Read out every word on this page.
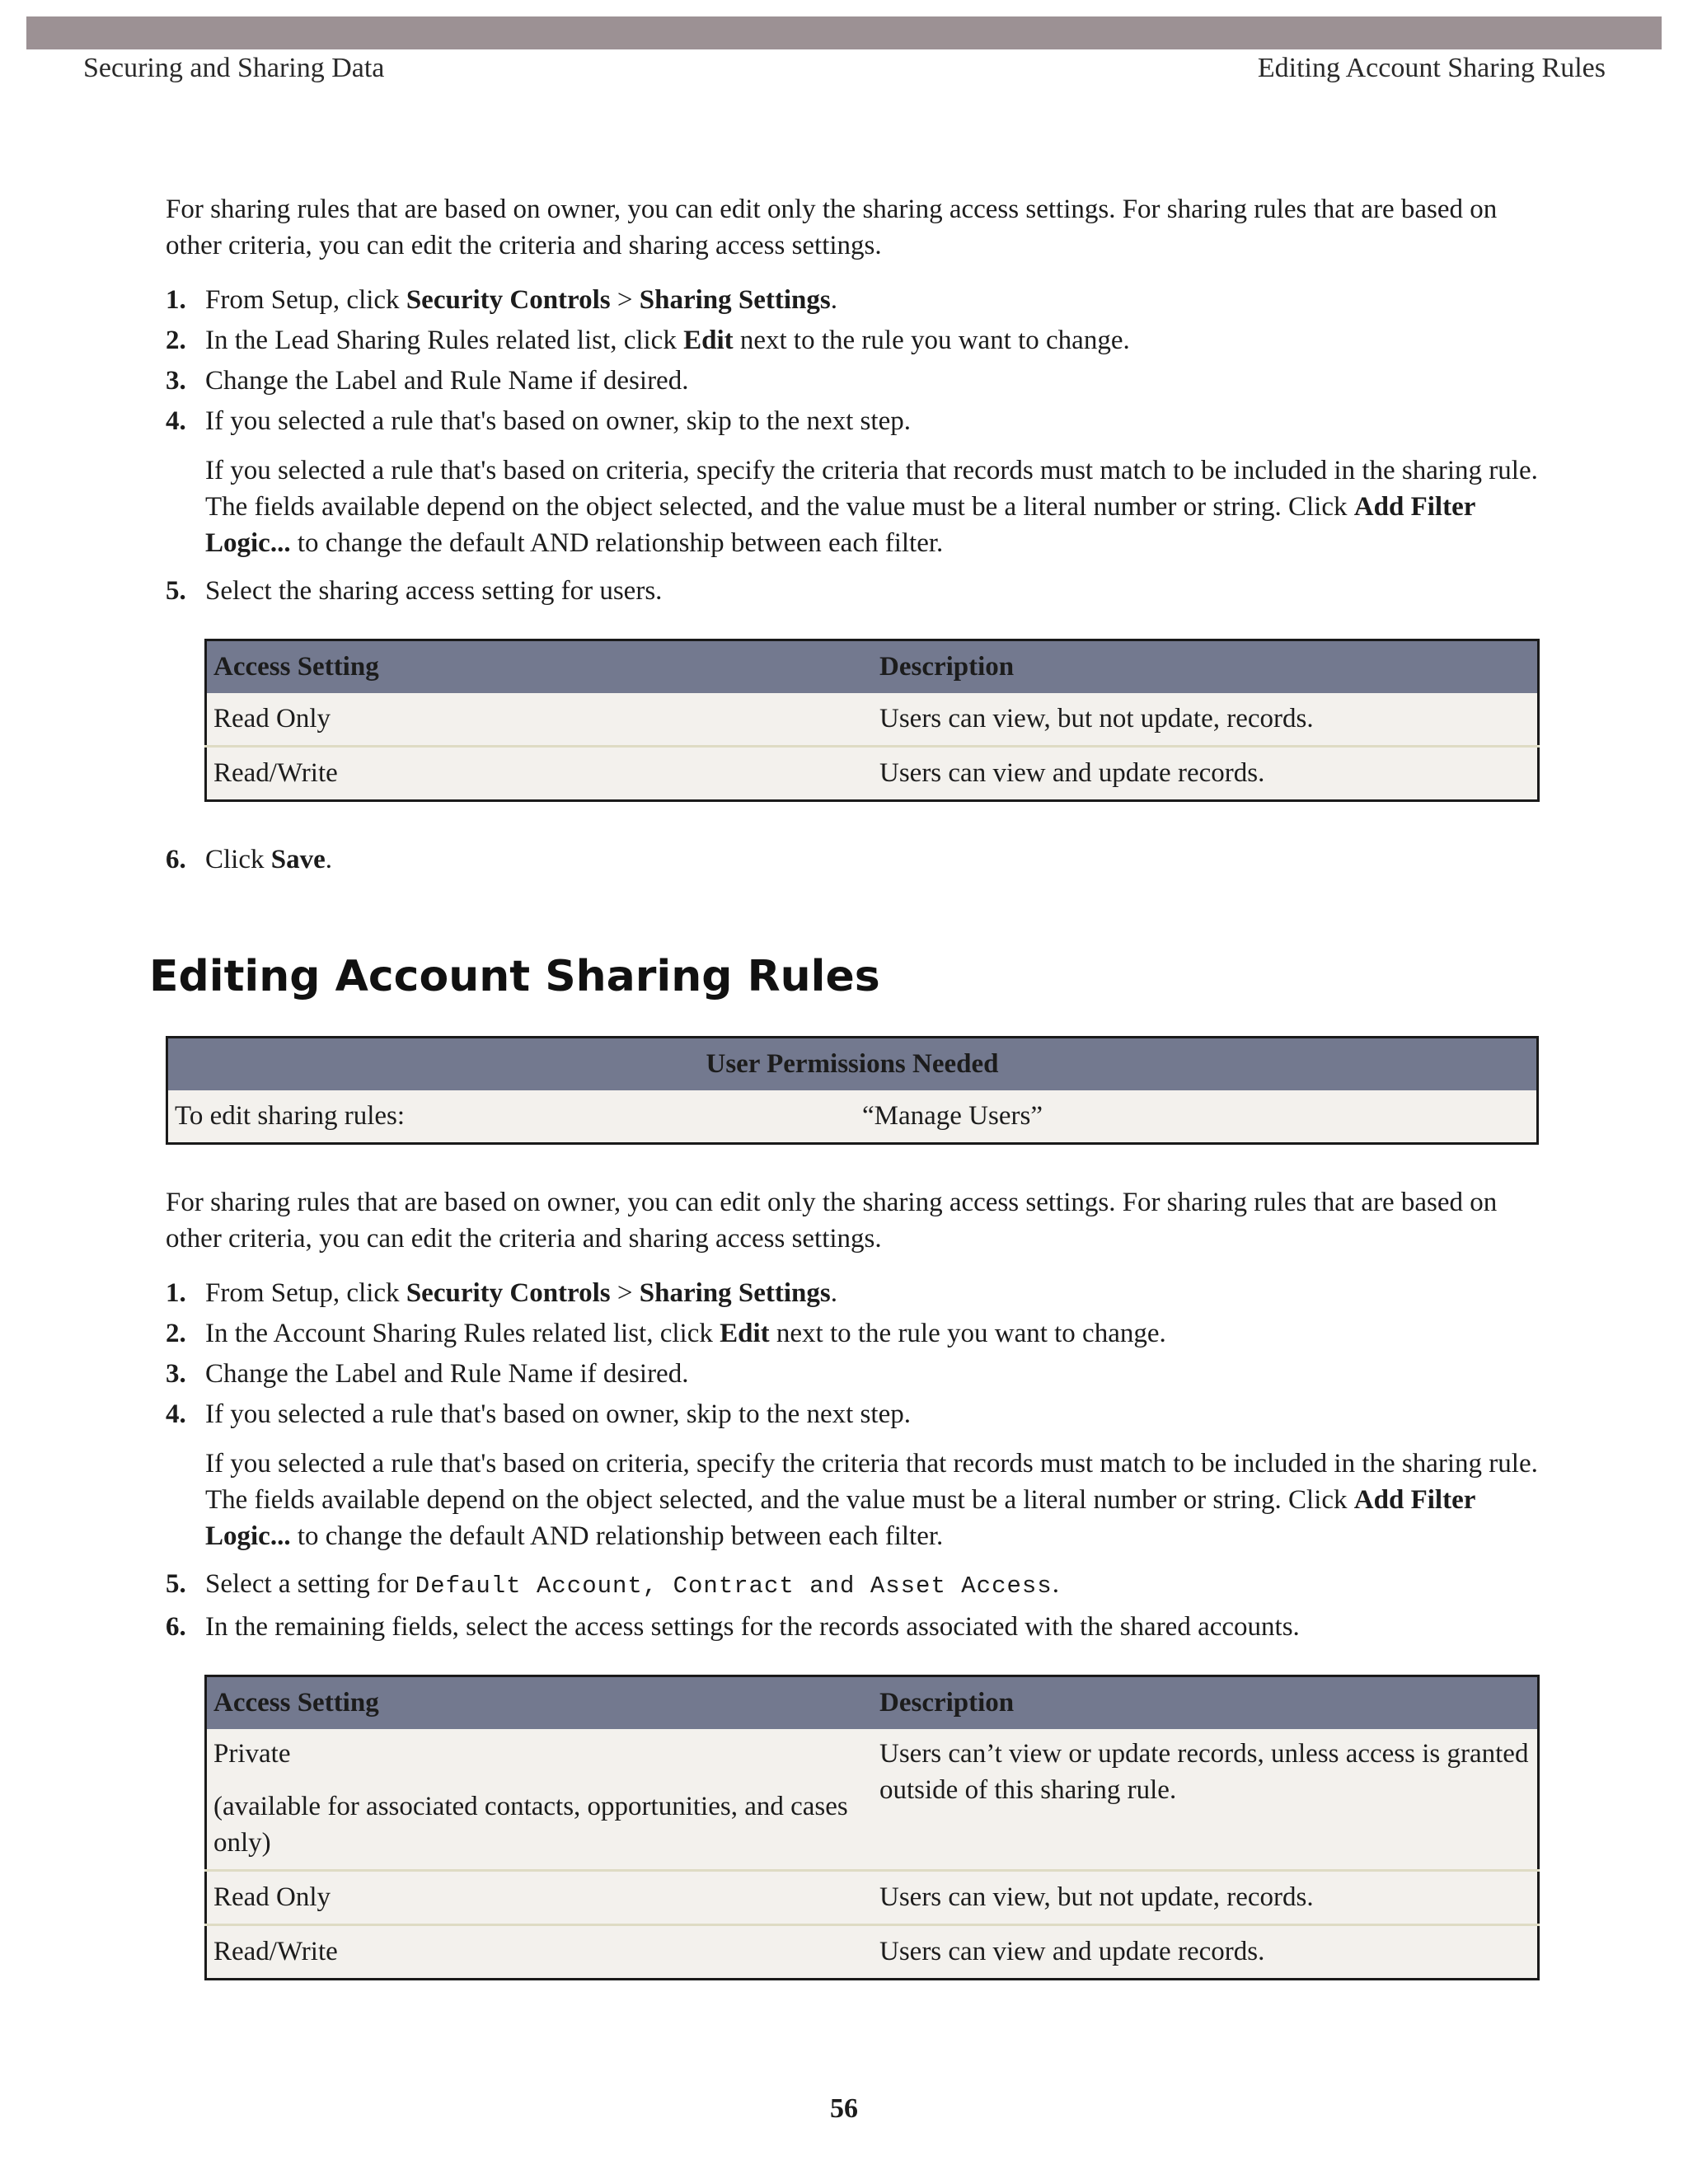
Securing and Sharing Data	Editing Account Sharing Rules

For sharing rules that are based on owner, you can edit only the sharing access settings. For sharing rules that are based on other criteria, you can edit the criteria and sharing access settings.

1. From Setup, click Security Controls > Sharing Settings.
2. In the Lead Sharing Rules related list, click Edit next to the rule you want to change.
3. Change the Label and Rule Name if desired.
4. If you selected a rule that's based on owner, skip to the next step.

If you selected a rule that's based on criteria, specify the criteria that records must match to be included in the sharing rule. The fields available depend on the object selected, and the value must be a literal number or string. Click Add Filter Logic... to change the default AND relationship between each filter.

5. Select the sharing access setting for users.
Access Setting	Description
Read Only	Users can view, but not update, records.
Read/Write	Users can view and update records.
6. Click Save.
Editing Account Sharing Rules
User Permissions Needed
To edit sharing rules:	“Manage Users”

For sharing rules that are based on owner, you can edit only the sharing access settings. For sharing rules that are based on other criteria, you can edit the criteria and sharing access settings.

1. From Setup, click Security Controls > Sharing Settings.
2. In the Account Sharing Rules related list, click Edit next to the rule you want to change.
3. Change the Label and Rule Name if desired.
4. If you selected a rule that's based on owner, skip to the next step.

If you selected a rule that's based on criteria, specify the criteria that records must match to be included in the sharing rule. The fields available depend on the object selected, and the value must be a literal number or string. Click Add Filter Logic... to change the default AND relationship between each filter.

5. Select a setting for Default Account, Contract and Asset Access.
6. In the remaining fields, select the access settings for the records associated with the shared accounts.
Access Setting	Description

Private
(available for associated contacts, opportunities, and cases only)	Users can’t view or update records, unless access is granted outside of this sharing rule.
Read Only	Users can view, but not update, records.
Read/Write	Users can view and update records.
56
